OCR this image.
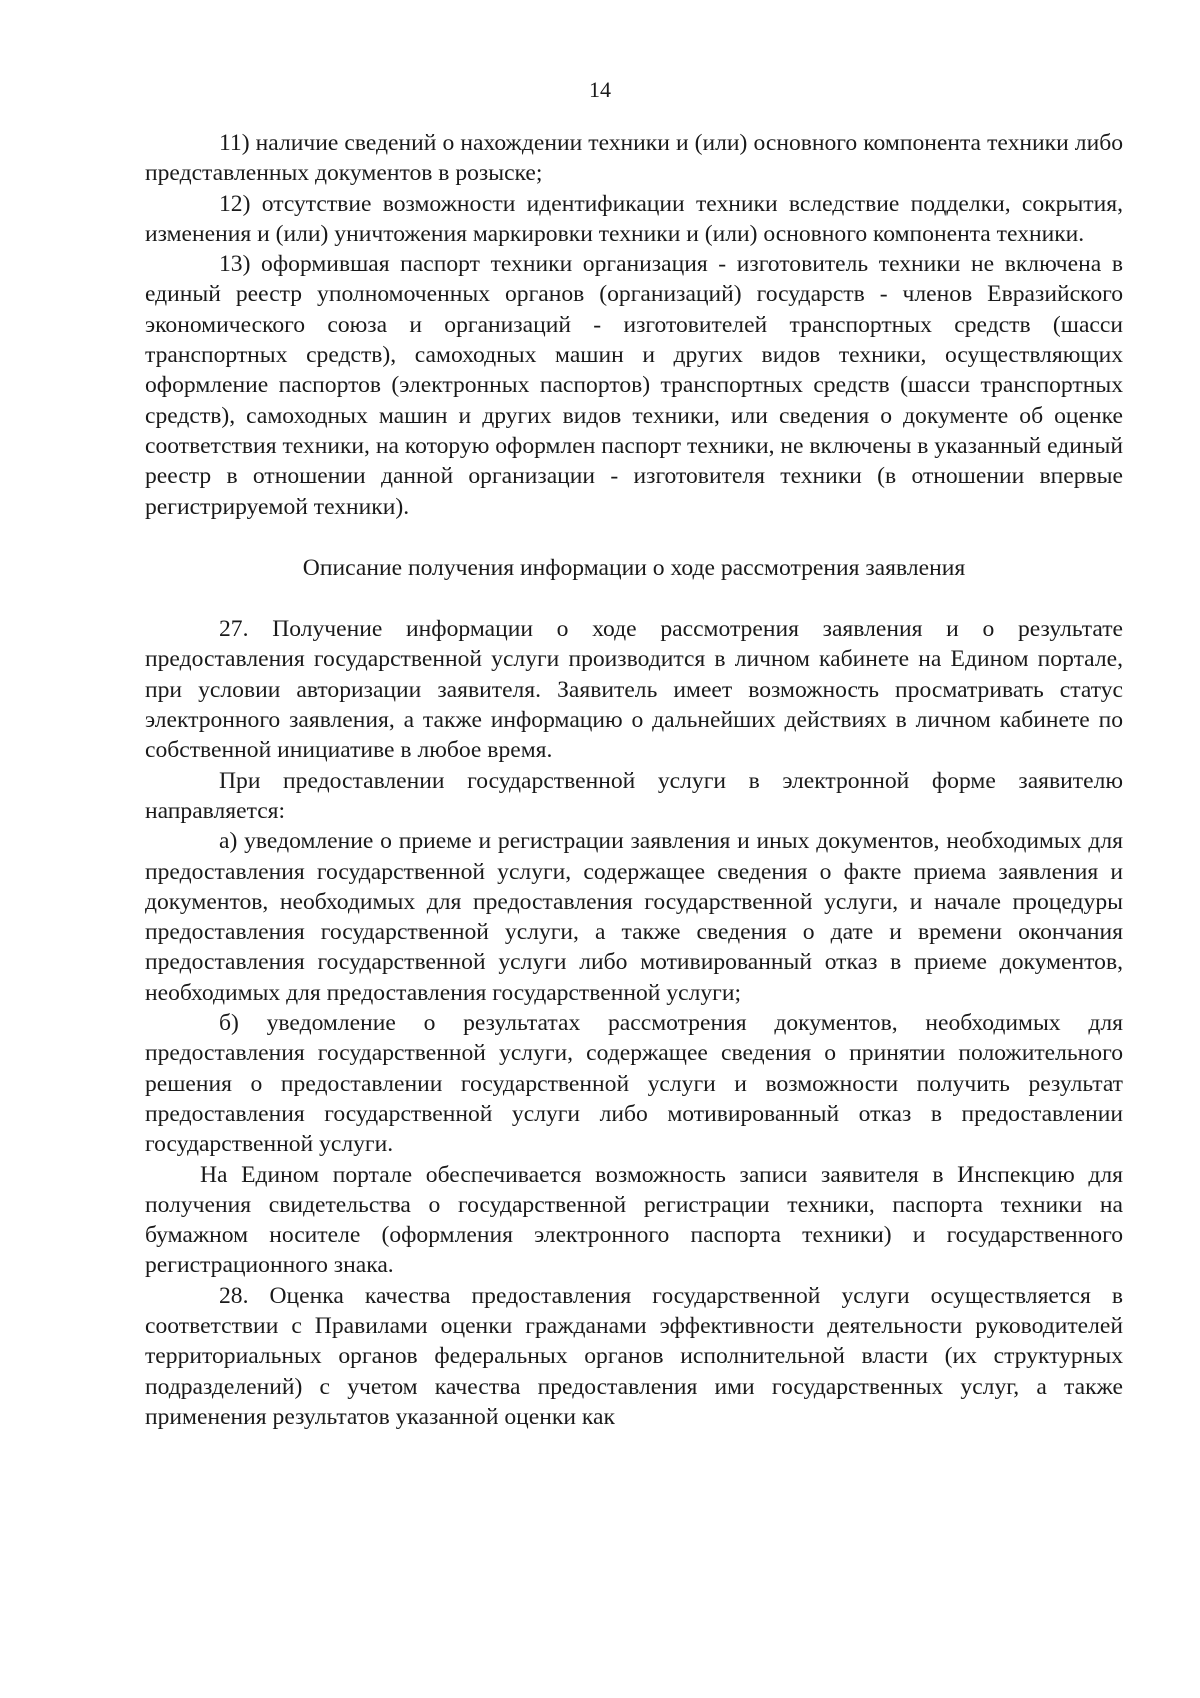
14

11) наличие сведений о нахождении техники и (или) основного компонента техники либо представленных документов в розыске;

12) отсутствие возможности идентификации техники вследствие подделки, сокрытия, изменения и (или) уничтожения маркировки техники и (или) основного компонента техники.

13) оформившая паспорт техники организация - изготовитель техники не включена в единый реестр уполномоченных органов (организаций) государств - членов Евразийского экономического союза и организаций - изготовителей транспортных средств (шасси транспортных средств), самоходных машин и других видов техники, осуществляющих оформление паспортов (электронных паспортов) транспортных средств (шасси транспортных средств), самоходных машин и других видов техники, или сведения о документе об оценке соответствия техники, на которую оформлен паспорт техники, не включены в указанный единый реестр в отношении данной организации - изготовителя техники (в отношении впервые регистрируемой техники).

Описание получения информации о ходе рассмотрения заявления

27. Получение информации о ходе рассмотрения заявления и о результате предоставления государственной услуги производится в личном кабинете на Едином портале, при условии авторизации заявителя. Заявитель имеет возможность просматривать статус электронного заявления, а также информацию о дальнейших действиях в личном кабинете по собственной инициативе в любое время.

При предоставлении государственной услуги в электронной форме заявителю направляется:

а) уведомление о приеме и регистрации заявления и иных документов, необходимых для предоставления государственной услуги, содержащее сведения о факте приема заявления и документов, необходимых для предоставления государственной услуги, и начале процедуры предоставления государственной услуги, а также сведения о дате и времени окончания предоставления государственной услуги либо мотивированный отказ в приеме документов, необходимых для предоставления государственной услуги;

б) уведомление о результатах рассмотрения документов, необходимых для предоставления государственной услуги, содержащее сведения о принятии положительного решения о предоставлении государственной услуги и возможности получить результат предоставления государственной услуги либо мотивированный отказ в предоставлении государственной услуги.

На Едином портале обеспечивается возможность записи заявителя в Инспекцию для получения свидетельства о государственной регистрации техники, паспорта техники на бумажном носителе (оформления электронного паспорта техники) и государственного регистрационного знака.

28. Оценка качества предоставления государственной услуги осуществляется в соответствии с Правилами оценки гражданами эффективности деятельности руководителей территориальных органов федеральных органов исполнительной власти (их структурных подразделений) с учетом качества предоставления ими государственных услуг, а также применения результатов указанной оценки как
